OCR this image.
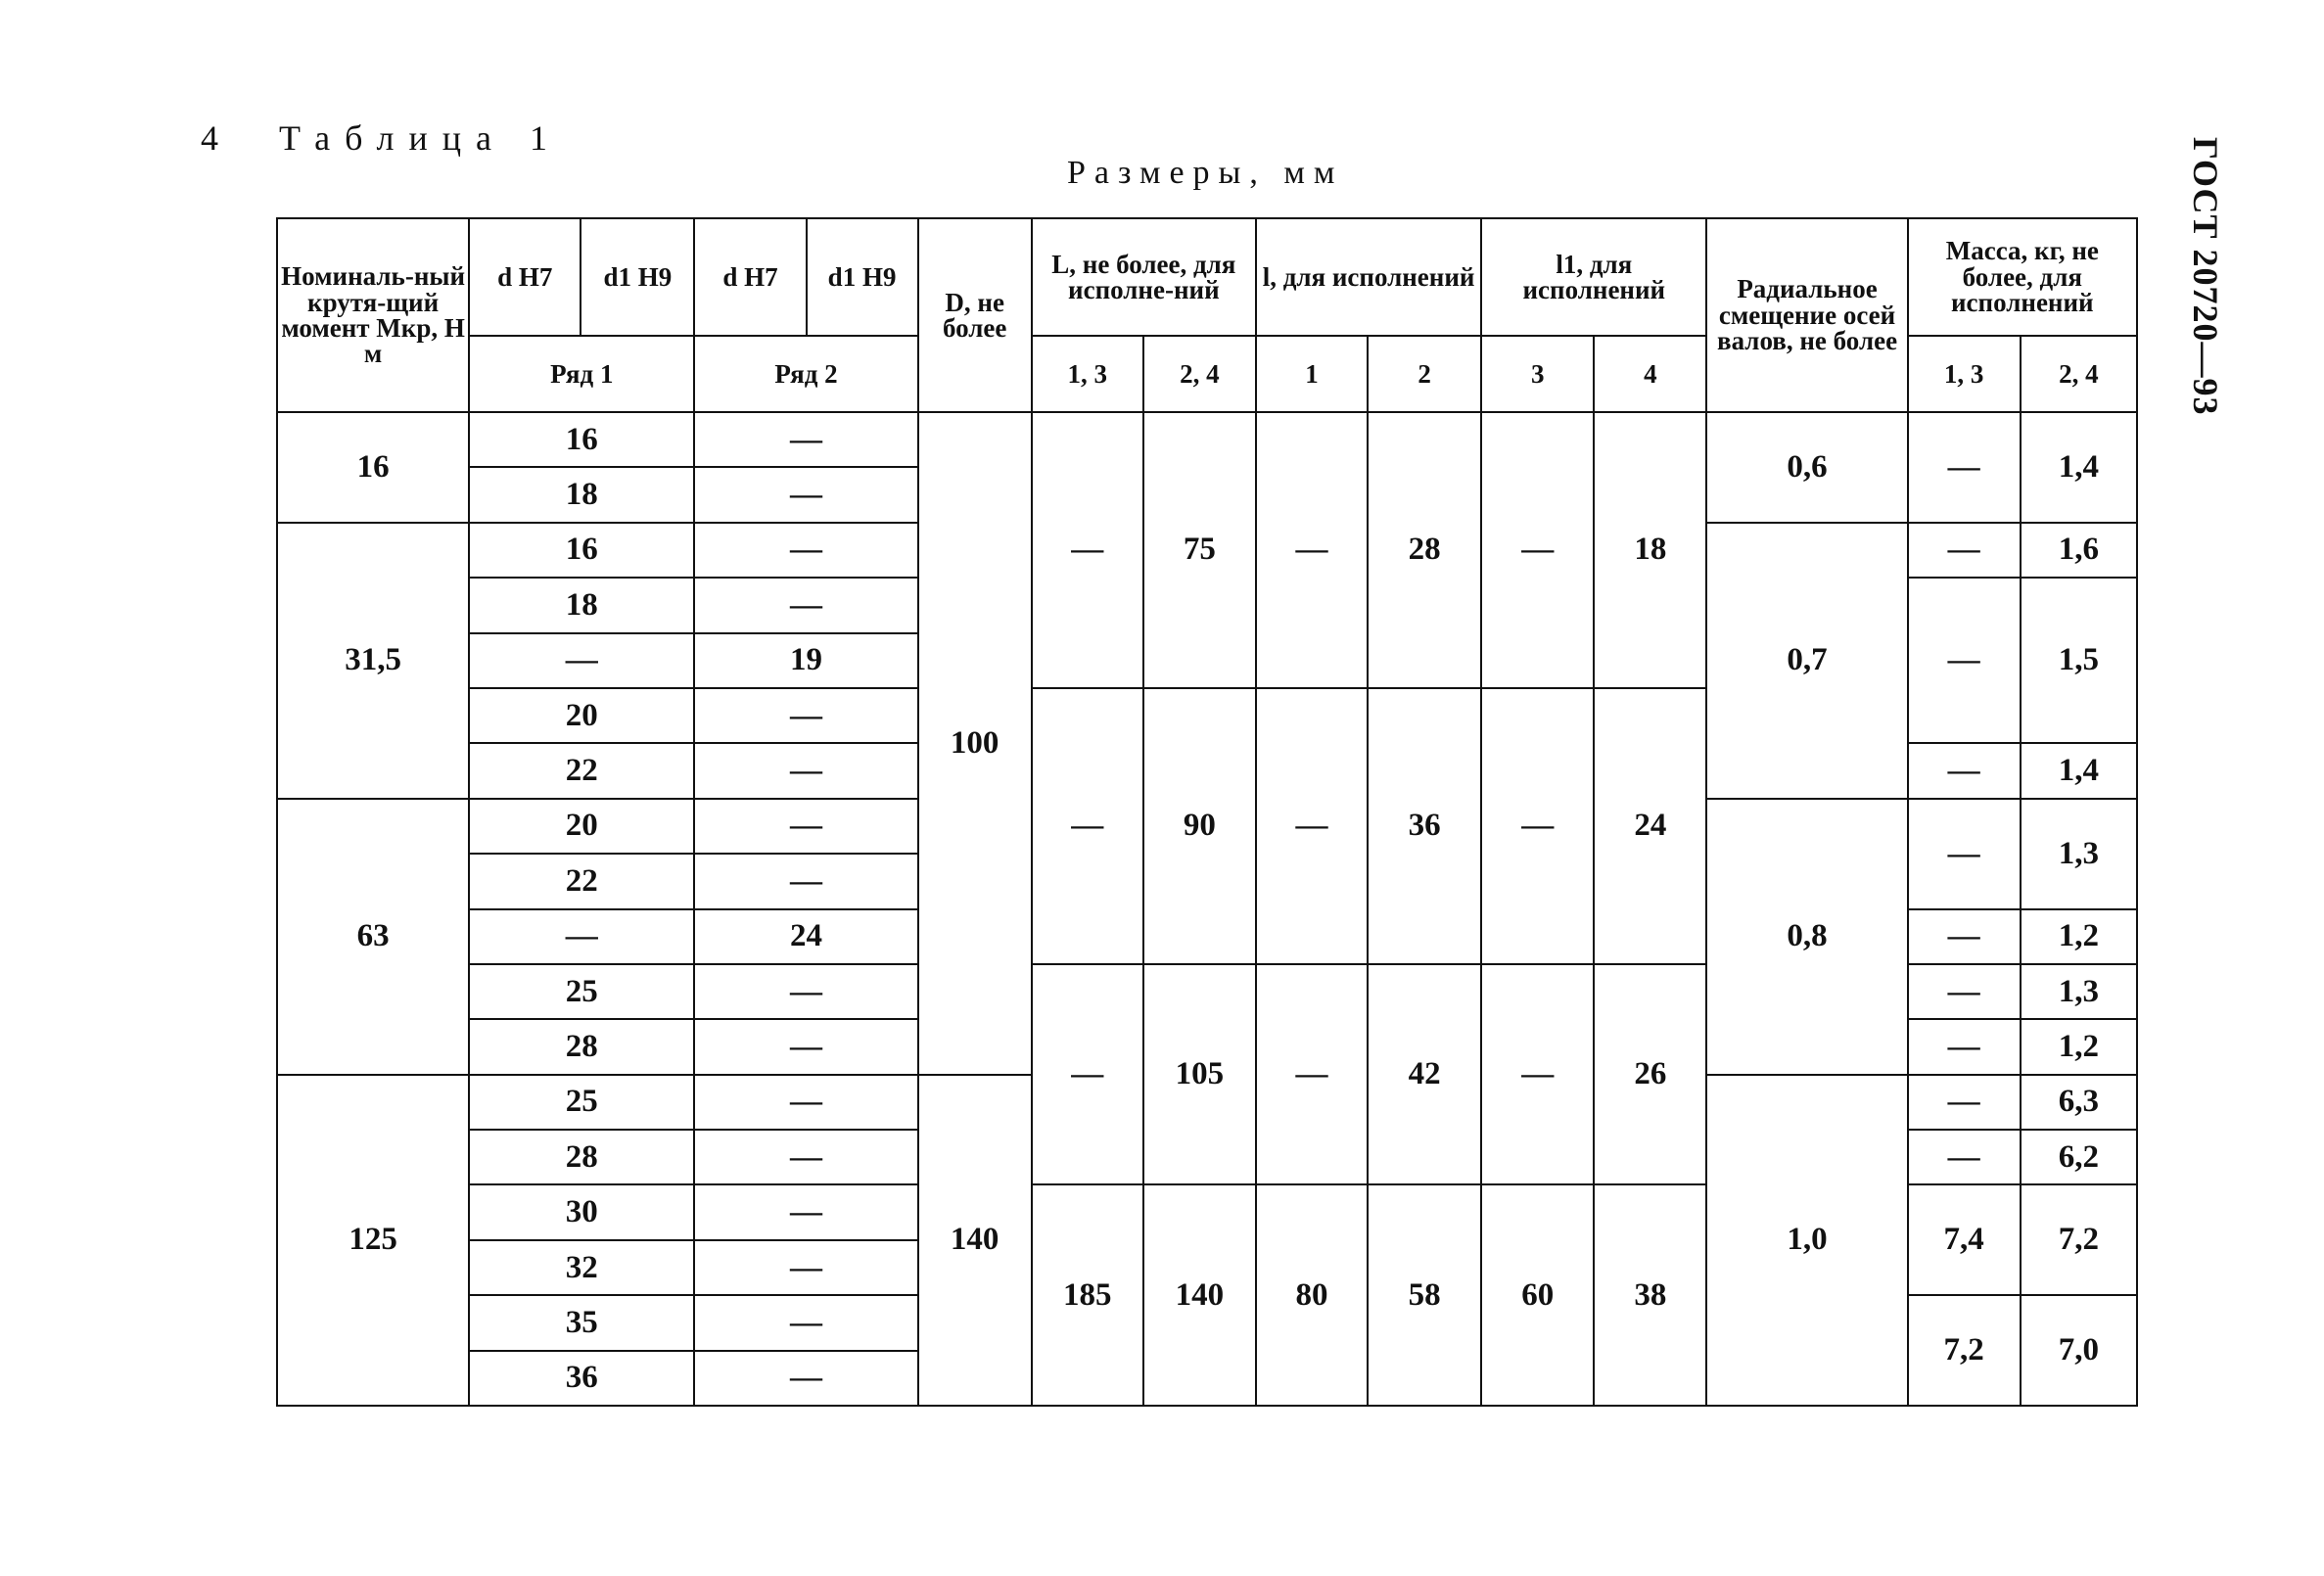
4 Таблица 1
Размеры, мм	ГОСТ 20720—93
Номиналь-ный крутя-щий момент Мкр, Н м	d H7	d1 H9	d H7	d1 H9	D, не более	L, не более, для исполне-ний		l, для исполнений		l1, для исполнений		Радиальное смещение осей валов, не более	Масса, кг, не более, для исполнений	
	Ряд 1		Ряд 2			1, 3	2, 4	1	2	3	4		1, 3	2, 4
16	16		—		100	—	75	—	28	—	18	0,6	—	1,4
	18		—											
31,5	16		—									0,7	—	1,6
	18		—										—	1,5
	—		19											
	20		—			—	90	—	36	—	24			
	22		—										—	1,4
63	20		—									0,8	—	1,3
	22		—											
	—		24										—	1,2
	25		—			—	105	—	42	—	26		—	1,3
	28		—										—	1,2
125	25		—		140							1,0	—	6,3
	28		—										—	6,2
	30		—			185	140	80	58	60	38		7,4	7,2
	32		—											
	35		—										7,2	7,0
	36		—											
